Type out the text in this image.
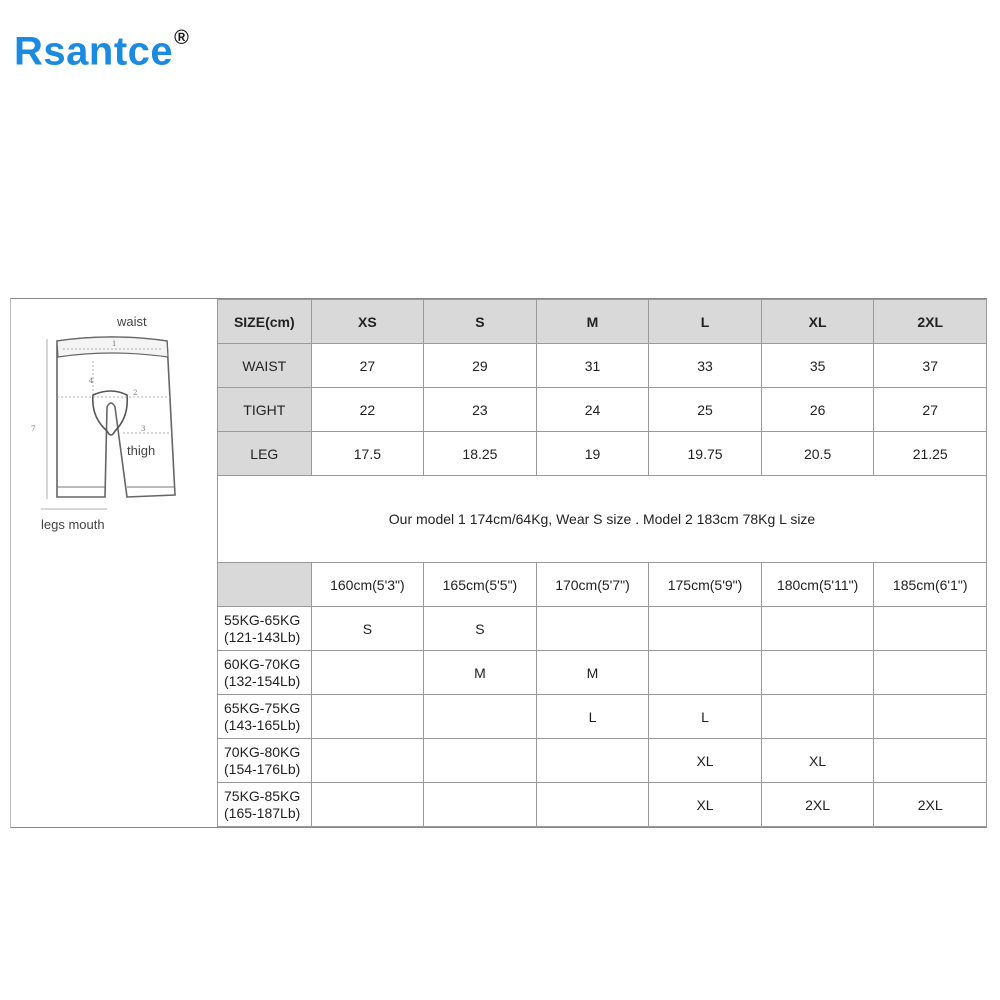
Rsantce®
1
2
3
4
7
waist
thigh
legs mouth
SIZE(cm)	XS	S	M	L	XL	2XL
WAIST	27	29	31	33	35	37
TIGHT	22	23	24	25	26	27
LEG	17.5	18.25	19	19.75	20.5	21.25
Our model 1 174cm/64Kg, Wear S size . Model 2 183cm 78Kg L size						
	160cm(5'3")	165cm(5'5")	170cm(5'7")	175cm(5'9")	180cm(5'11")	185cm(6'1")
55KG-65KG
(121-143Lb)	S	S				
60KG-70KG
(132-154Lb)		M	M			
65KG-75KG
(143-165Lb)			L	L		
70KG-80KG
(154-176Lb)				XL	XL	
75KG-85KG
(165-187Lb)				XL	2XL	2XL
